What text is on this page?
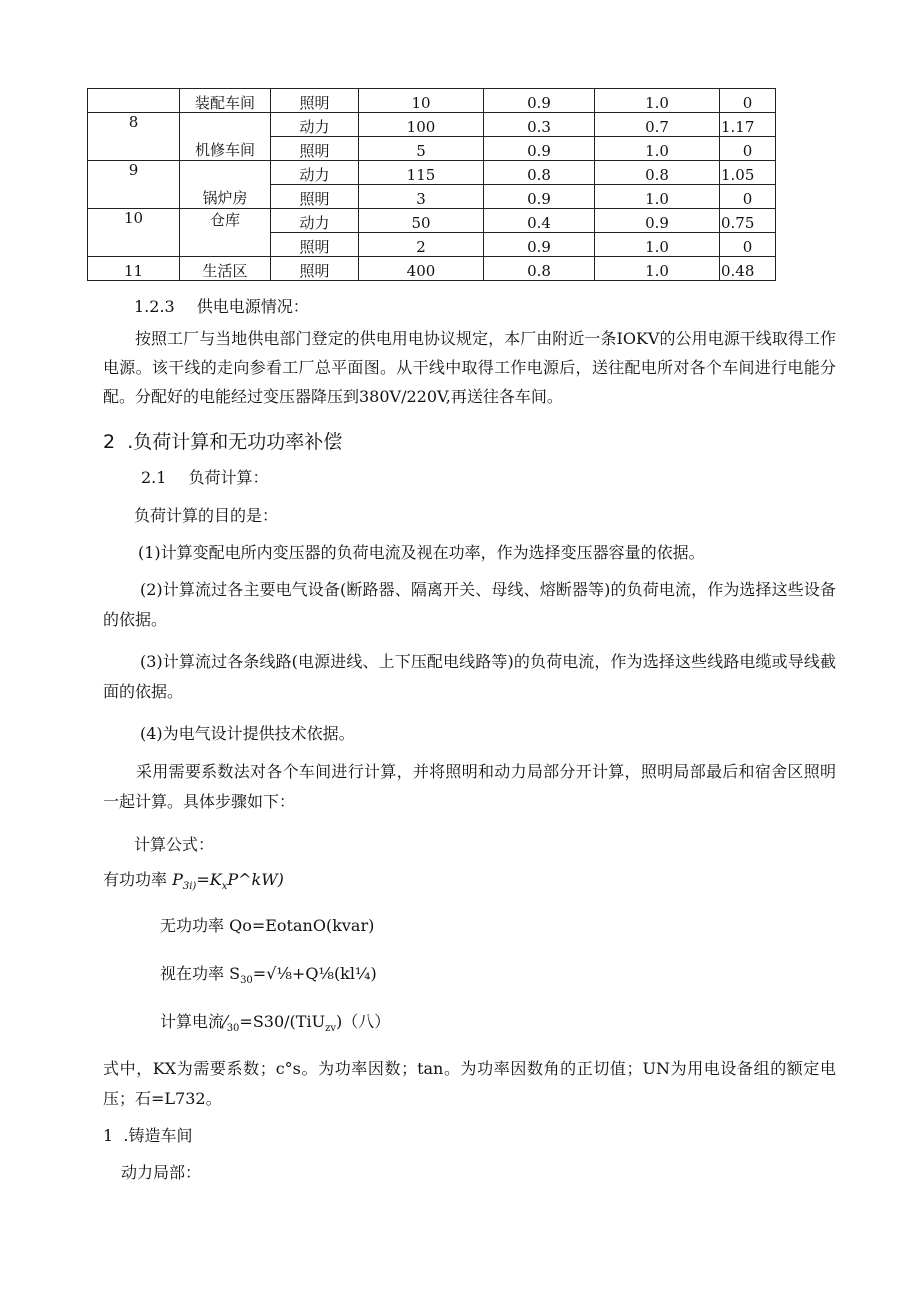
	装配车间	照明	10	0.9	1.0	0
8	机修车间	动力	100	0.3	0.7	1.17
		照明	5	0.9	1.0	0
9	锅炉房	动力	115	0.8	0.8	1.05
		照明	3	0.9	1.0	0
10	仓库	动力	50	0.4	0.9	0.75
		照明	2	0.9	1.0	0
11	生活区	照明	400	0.8	1.0	0.48
1.2.3 供电电源情况：
按照工厂与当地供电部门登定的供电用电协议规定，本厂由附近一条IOKV的公用电源干线取得工作电源。该干线的走向参看工厂总平面图。从干线中取得工作电源后，送往配电所对各个车间进行电能分配。分配好的电能经过变压器降压到380V/220V,再送往各车间。
2 .负荷计算和无功功率补偿
2.1 负荷计算：
负荷计算的目的是：
(1)计算变配电所内变压器的负荷电流及视在功率，作为选择变压器容量的依据。
(2)计算流过各主要电气设备(断路器、隔离开关、母线、熔断器等)的负荷电流，作为选择这些设备的依据。
(3)计算流过各条线路(电源进线、上下压配电线路等)的负荷电流，作为选择这些线路电缆或导线截面的依据。
(4)为电气设计提供技术依据。
采用需要系数法对各个车间进行计算，并将照明和动力局部分开计算，照明局部最后和宿舍区照明一起计算。具体步骤如下：
计算公式：
有功功率 $P_{3i)}=K_xP\^{}kW$)
无功功率 Qo=EotanO(kvar)
视在功率 $S_{30}=√\frac{1}{8}+Q\frac{1}{8}(kl\frac{1}{4})$
计算电流$⁄_{30}=S30/(TiU_{zv})$（八）
式中，KX为需要系数；c°s。为功率因数；tan。为功率因数角的正切值；UN为用电设备组的额定电压；石=L732。
1 .铸造车间
动力局部：
